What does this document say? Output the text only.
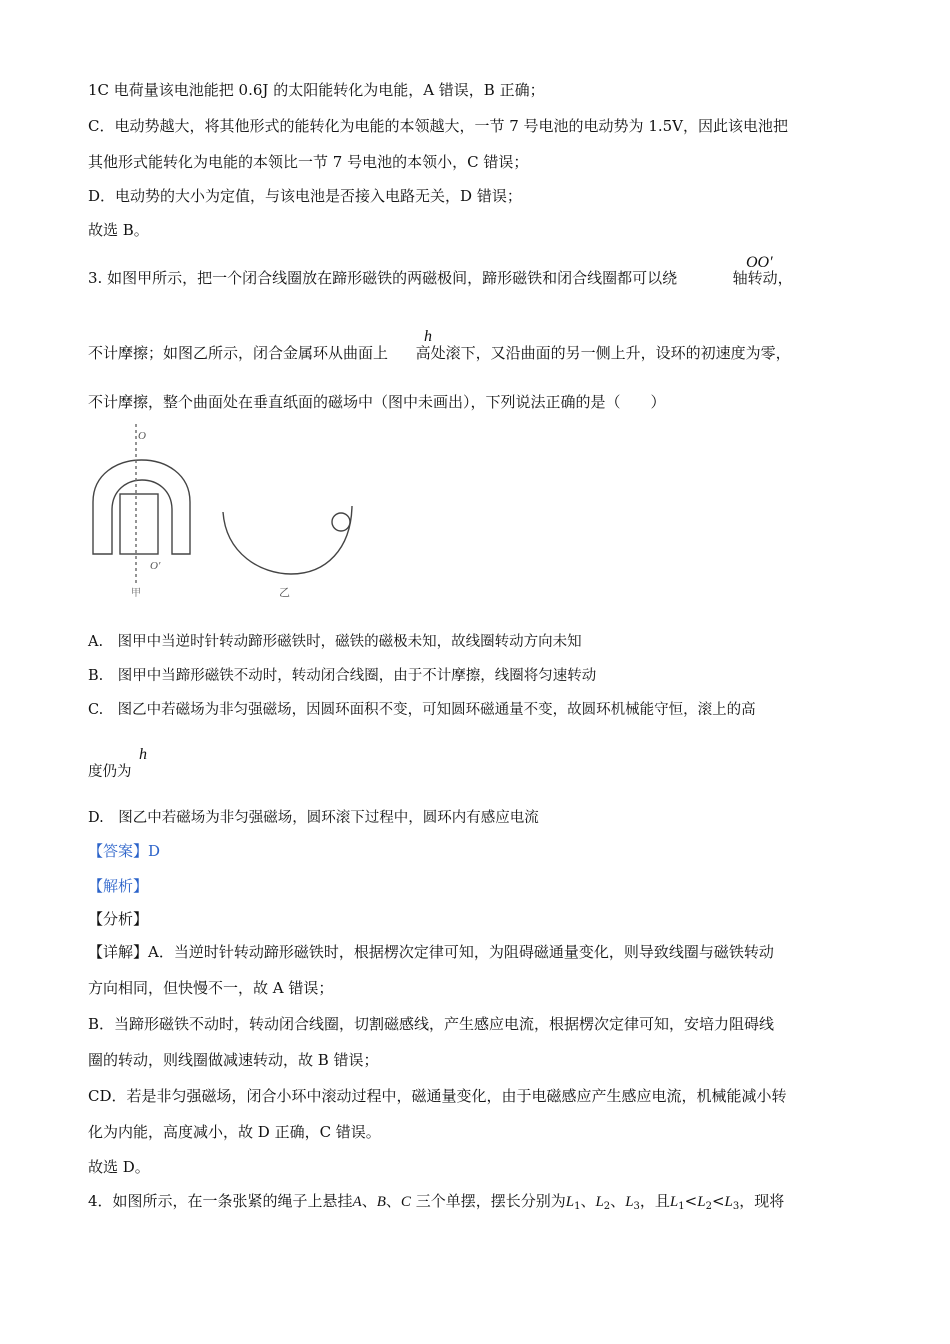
1C 电荷量该电池能把 0.6J 的太阳能转化为电能，A 错误，B 正确；
C．电动势越大，将其他形式的能转化为电能的本领越大，一节 7 号电池的电动势为 1.5V，因此该电池把
其他形式能转化为电能的本领比一节 7 号电池的本领小，C 错误；
D．电动势的大小为定值，与该电池是否接入电路无关，D 错误；
故选 B。
3. 如图甲所示，把一个闭合线圈放在蹄形磁铁的两磁极间，蹄形磁铁和闭合线圈都可以绕	轴转动，
OO′
不计摩擦；如图乙所示，闭合金属环从曲面上 高处滚下，又沿曲面的另一侧上升，设环的初速度为零，
h
不计摩擦，整个曲面处在垂直纸面的磁场中（图中未画出），下列说法正确的是（　　）
O
O′
甲	乙
A.　图甲中当逆时针转动蹄形磁铁时，磁铁的磁极未知，故线圈转动方向未知
B.　图甲中当蹄形磁铁不动时，转动闭合线圈，由于不计摩擦，线圈将匀速转动
C.　图乙中若磁场为非匀强磁场，因圆环面积不变，可知圆环磁通量不变，故圆环机械能守恒，滚上的高
度仍为
h
D.　图乙中若磁场为非匀强磁场，圆环滚下过程中，圆环内有感应电流
【答案】D
【解析】
【分析】
【详解】A．当逆时针转动蹄形磁铁时，根据楞次定律可知，为阻碍磁通量变化，则导致线圈与磁铁转动
方向相同，但快慢不一，故 A 错误；
B．当蹄形磁铁不动时，转动闭合线圈，切割磁感线，产生感应电流，根据楞次定律可知，安培力阻碍线
圈的转动，则线圈做减速转动，故 B 错误；
CD．若是非匀强磁场，闭合小环中滚动过程中，磁通量变化，由于电磁感应产生感应电流，机械能减小转
化为内能，高度减小，故 D 正确，C 错误。
故选 D。
4．如图所示，在一条张紧的绳子上悬挂A、B、C 三个单摆，摆长分别为$L_1$、$L_2$、$L_3$，且$L_1<L_2<L_3$，现将
